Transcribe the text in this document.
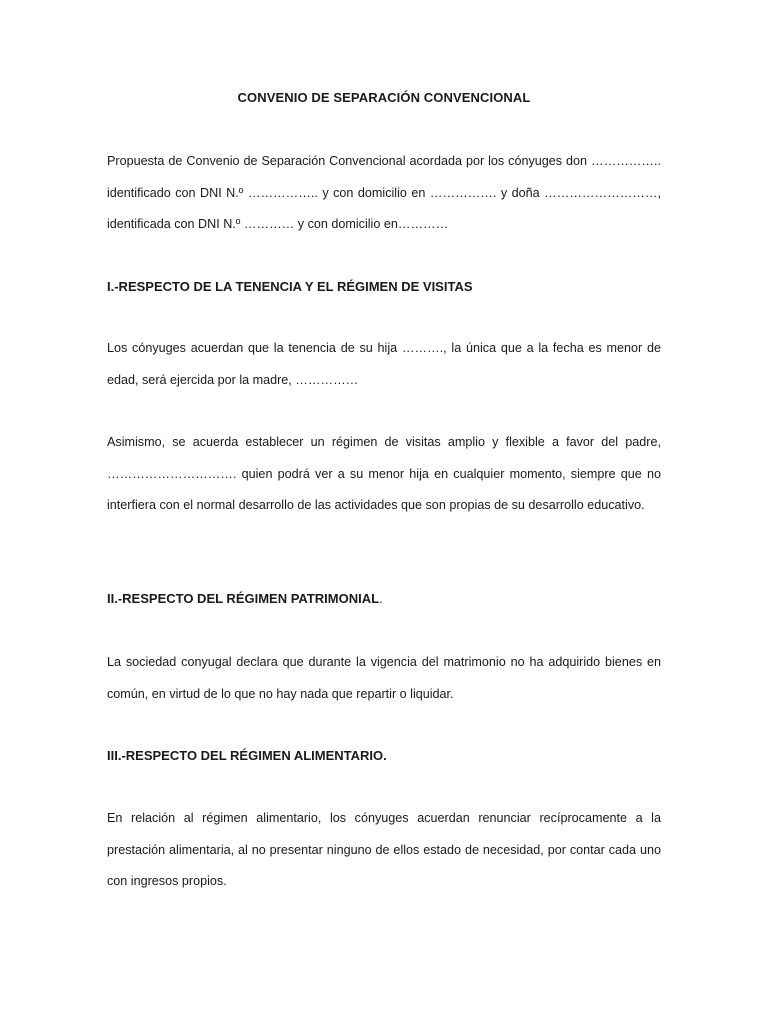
CONVENIO DE SEPARACIÓN CONVENCIONAL
Propuesta de Convenio de Separación Convencional acordada por los cónyuges don …………….. identificado con DNI N.º …………….. y con domicilio en ……………. y doña ………………………, identificada con DNI N.º ………… y con domicilio en…………
I.-RESPECTO DE LA TENENCIA Y EL RÉGIMEN DE VISITAS
Los cónyuges acuerdan que la tenencia de su hija ………., la única que a la fecha es menor de edad, será ejercida por la madre, ……………
Asimismo, se acuerda establecer un régimen de visitas amplio y flexible a favor del padre, …………………………. quien podrá ver a su menor hija en cualquier momento, siempre que no interfiera con el normal desarrollo de las actividades que son propias de su desarrollo educativo.
II.-RESPECTO DEL RÉGIMEN PATRIMONIAL.
La sociedad conyugal declara que durante la vigencia del matrimonio no ha adquirido bienes en común, en virtud de lo que no hay nada que repartir o liquidar.
III.-RESPECTO DEL RÉGIMEN ALIMENTARIO.
En relación al régimen alimentario, los cónyuges acuerdan renunciar recíprocamente a la prestación alimentaria, al no presentar ninguno de ellos estado de necesidad, por contar cada uno con ingresos propios.
